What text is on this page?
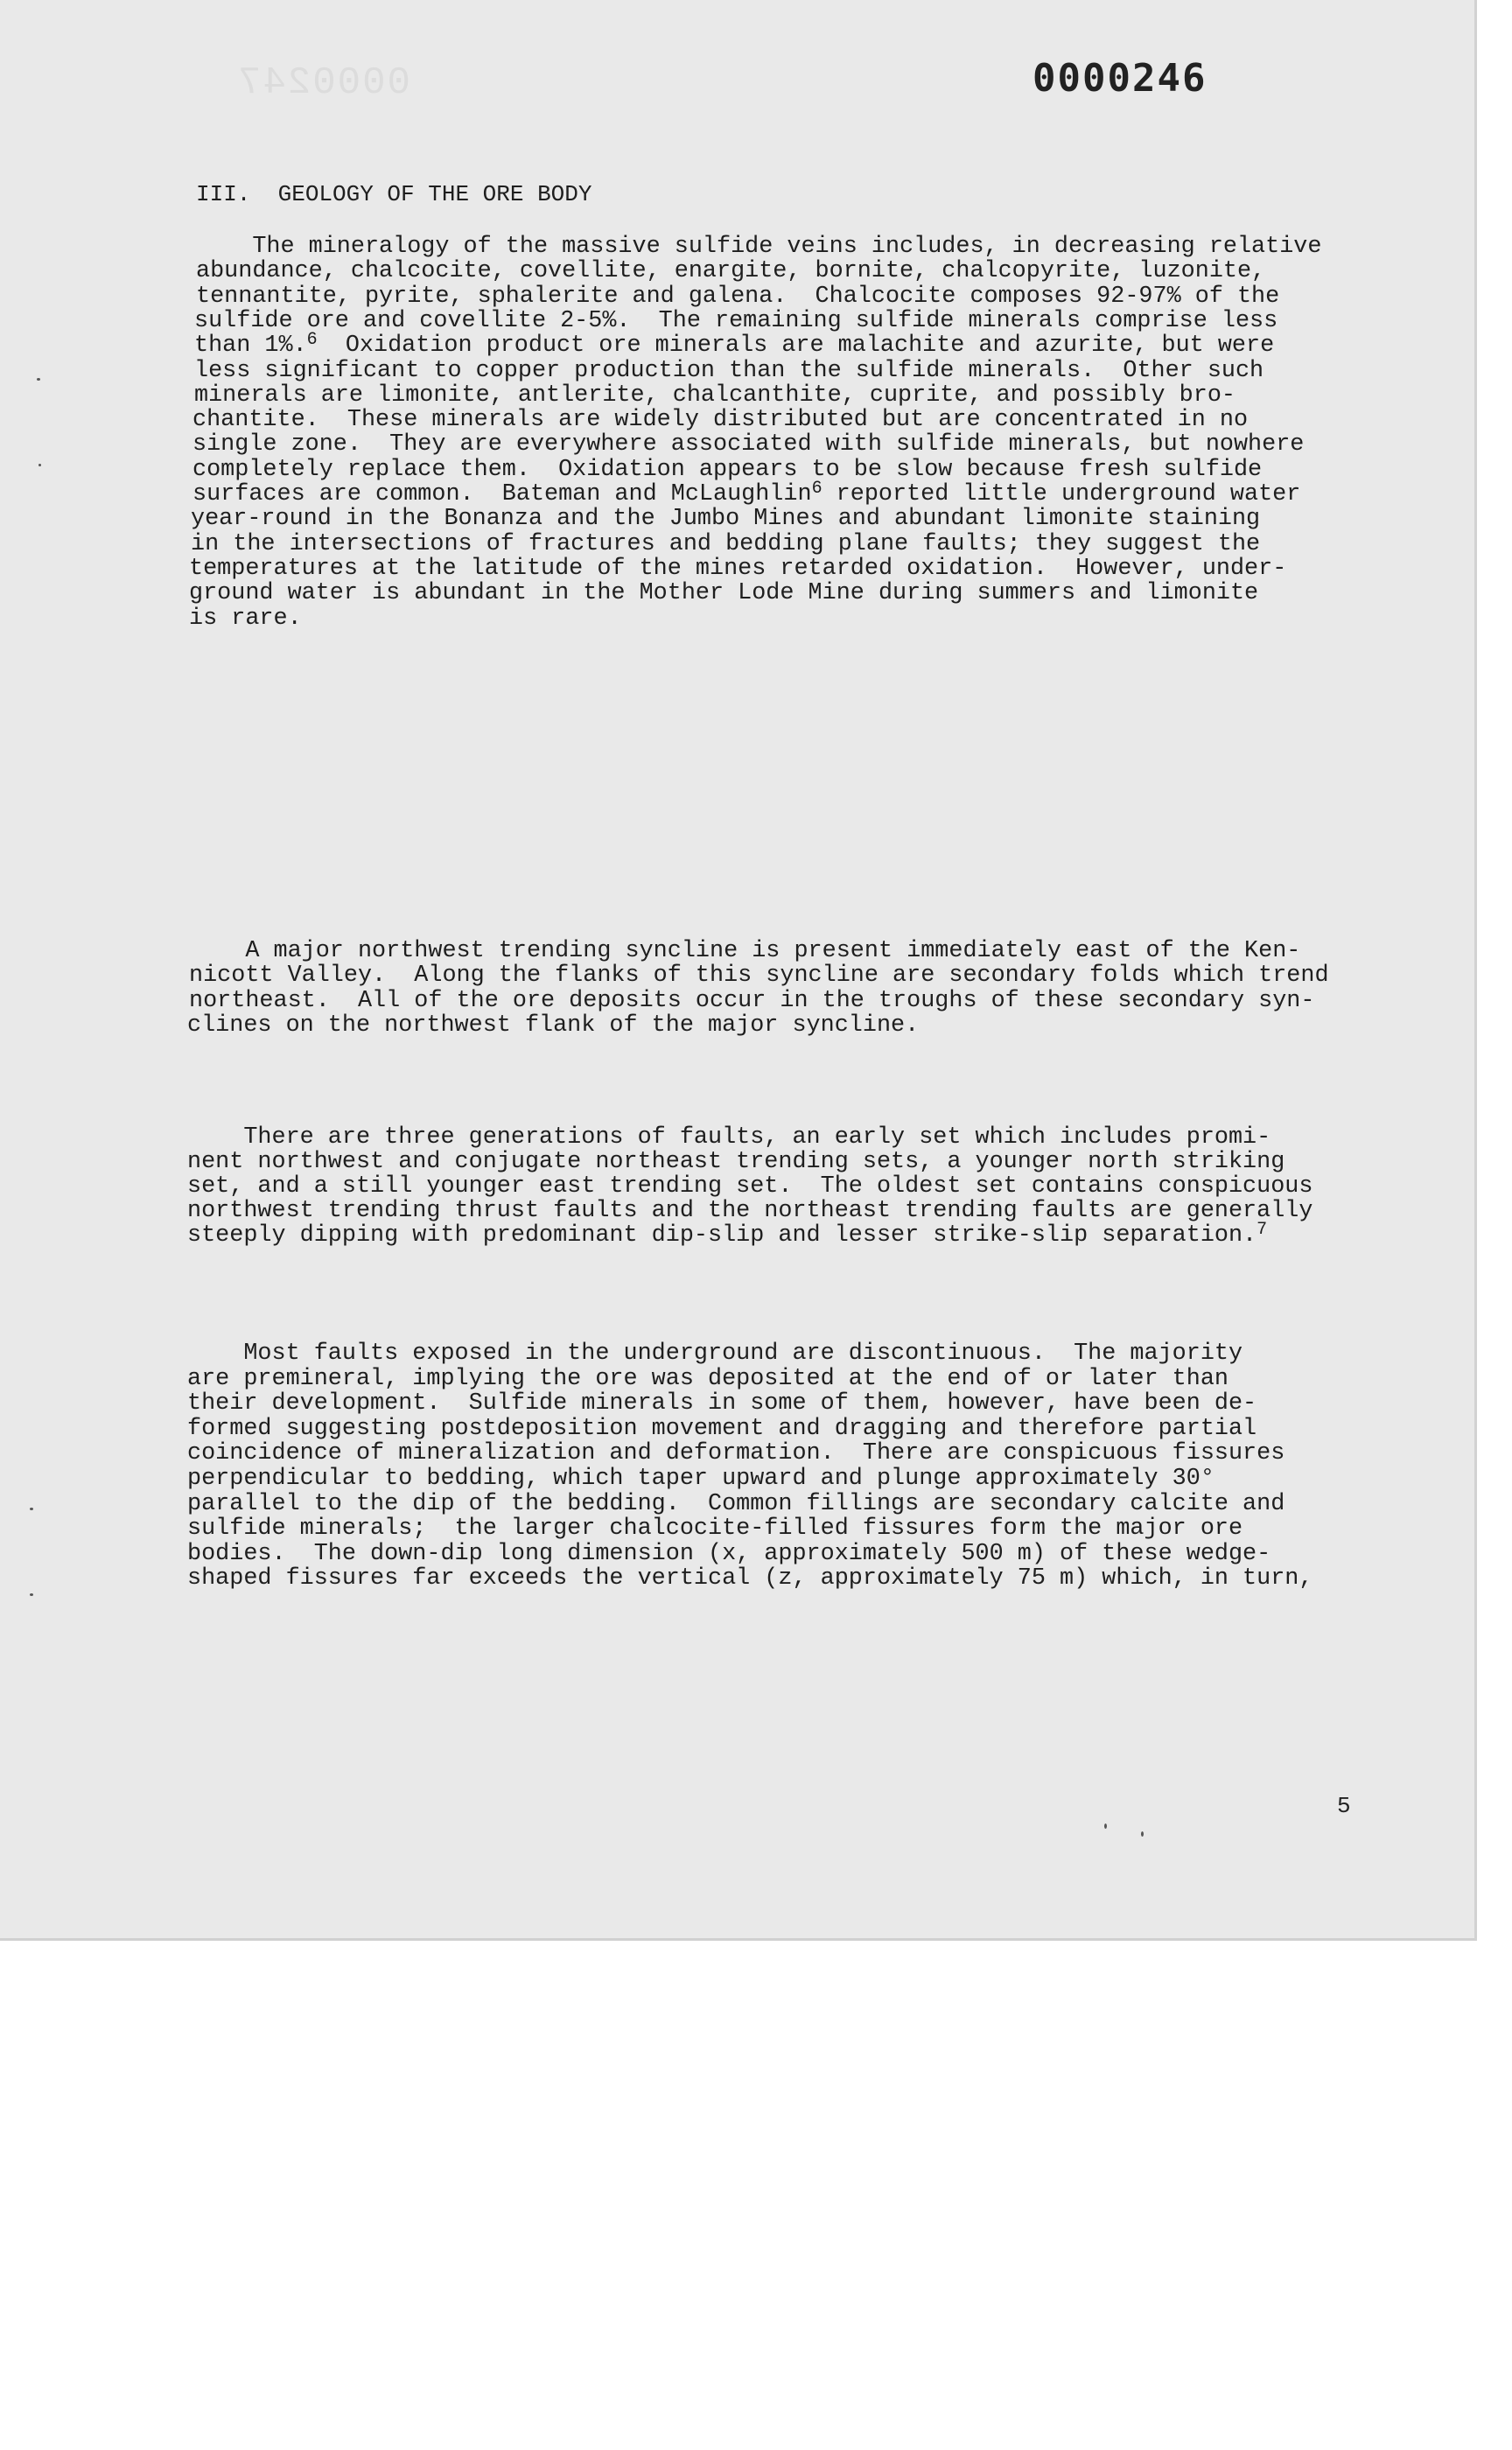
0000247	0000246
III.  GEOLOGY OF THE ORE BODY
The mineralogy of the massive sulfide veins includes, in decreasing relative
abundance, chalcocite, covellite, enargite, bornite, chalcopyrite, luzonite,
tennantite, pyrite, sphalerite and galena.  Chalcocite composes 92-97% of the
sulfide ore and covellite 2-5%.  The remaining sulfide minerals comprise less
than 1%.$^6$  Oxidation product ore minerals are malachite and azurite, but were
less significant to copper production than the sulfide minerals.  Other such
minerals are limonite, antlerite, chalcanthite, cuprite, and possibly bro-
chantite.  These minerals are widely distributed but are concentrated in no
single zone.  They are everywhere associated with sulfide minerals, but nowhere
completely replace them.  Oxidation appears to be slow because fresh sulfide
surfaces are common.  Bateman and McLaughlin$^6$ reported little underground water
year-round in the Bonanza and the Jumbo Mines and abundant limonite staining
in the intersections of fractures and bedding plane faults; they suggest the
temperatures at the latitude of the mines retarded oxidation.  However, under-
ground water is abundant in the Mother Lode Mine during summers and limonite
is rare.
A major northwest trending syncline is present immediately east of the Ken-
nicott Valley.  Along the flanks of this syncline are secondary folds which trend
northeast.  All of the ore deposits occur in the troughs of these secondary syn-
clines on the northwest flank of the major syncline.
There are three generations of faults, an early set which includes promi-
nent northwest and conjugate northeast trending sets, a younger north striking
set, and a still younger east trending set.  The oldest set contains conspicuous
northwest trending thrust faults and the northeast trending faults are generally
steeply dipping with predominant dip-slip and lesser strike-slip separation.$^7$
Most faults exposed in the underground are discontinuous.  The majority
are premineral, implying the ore was deposited at the end of or later than
their development.  Sulfide minerals in some of them, however, have been de-
formed suggesting postdeposition movement and dragging and therefore partial
coincidence of mineralization and deformation.  There are conspicuous fissures
perpendicular to bedding, which taper upward and plunge approximately 30°
parallel to the dip of the bedding.  Common fillings are secondary calcite and
sulfide minerals;  the larger chalcocite-filled fissures form the major ore
bodies.  The down-dip long dimension (x, approximately 500 m) of these wedge-
shaped fissures far exceeds the vertical (z, approximately 75 m) which, in turn,
5
